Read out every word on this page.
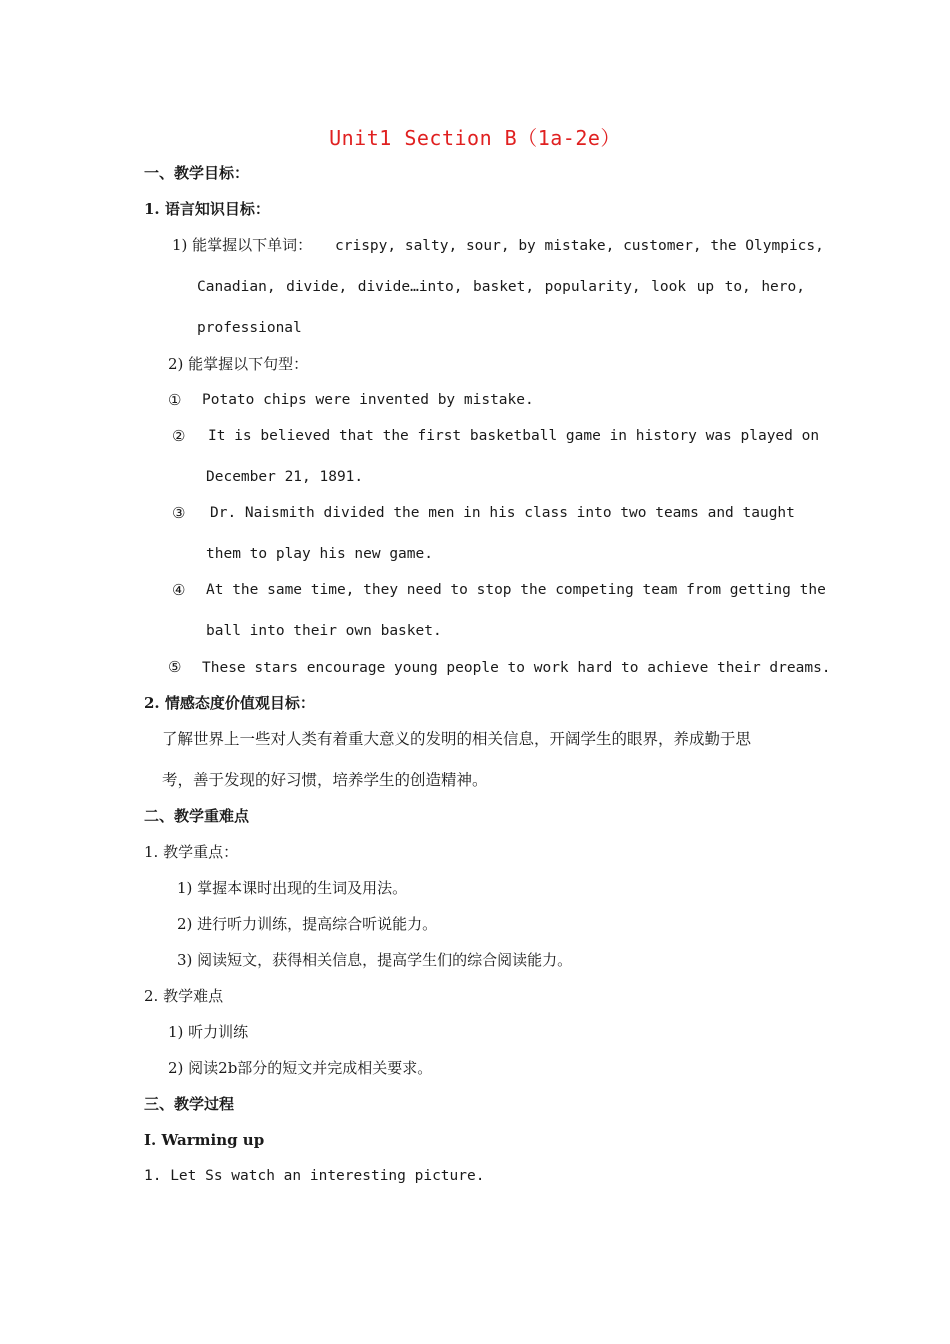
Unit1 Section B（1a-2e）
一、教学目标：
1. 语言知识目标：
1) 能掌握以下单词： crispy, salty, sour, by mistake, customer, the Olympics,
Canadian, divide, divide…into, basket, popularity, look up to, hero,
professional
2) 能掌握以下句型：
① Potato chips were invented by mistake.
② It is believed that the first basketball game in history was played on
December 21, 1891.
③ Dr. Naismith divided the men in his class into two teams and taught
them to play his new game.
④ At the same time, they need to stop the competing team from getting the
ball into their own basket.
⑤ These stars encourage young people to work hard to achieve their dreams.
2. 情感态度价值观目标：
了解世界上一些对人类有着重大意义的发明的相关信息，开阔学生的眼界，养成勤于思
考，善于发现的好习惯，培养学生的创造精神。
二、教学重难点
1. 教学重点：
1) 掌握本课时出现的生词及用法。
2) 进行听力训练，提高综合听说能力。
3) 阅读短文，获得相关信息，提高学生们的综合阅读能力。
2. 教学难点
1) 听力训练
2) 阅读2b部分的短文并完成相关要求。
三、教学过程
Ⅰ. Warming up
1. Let Ss watch an interesting picture.
